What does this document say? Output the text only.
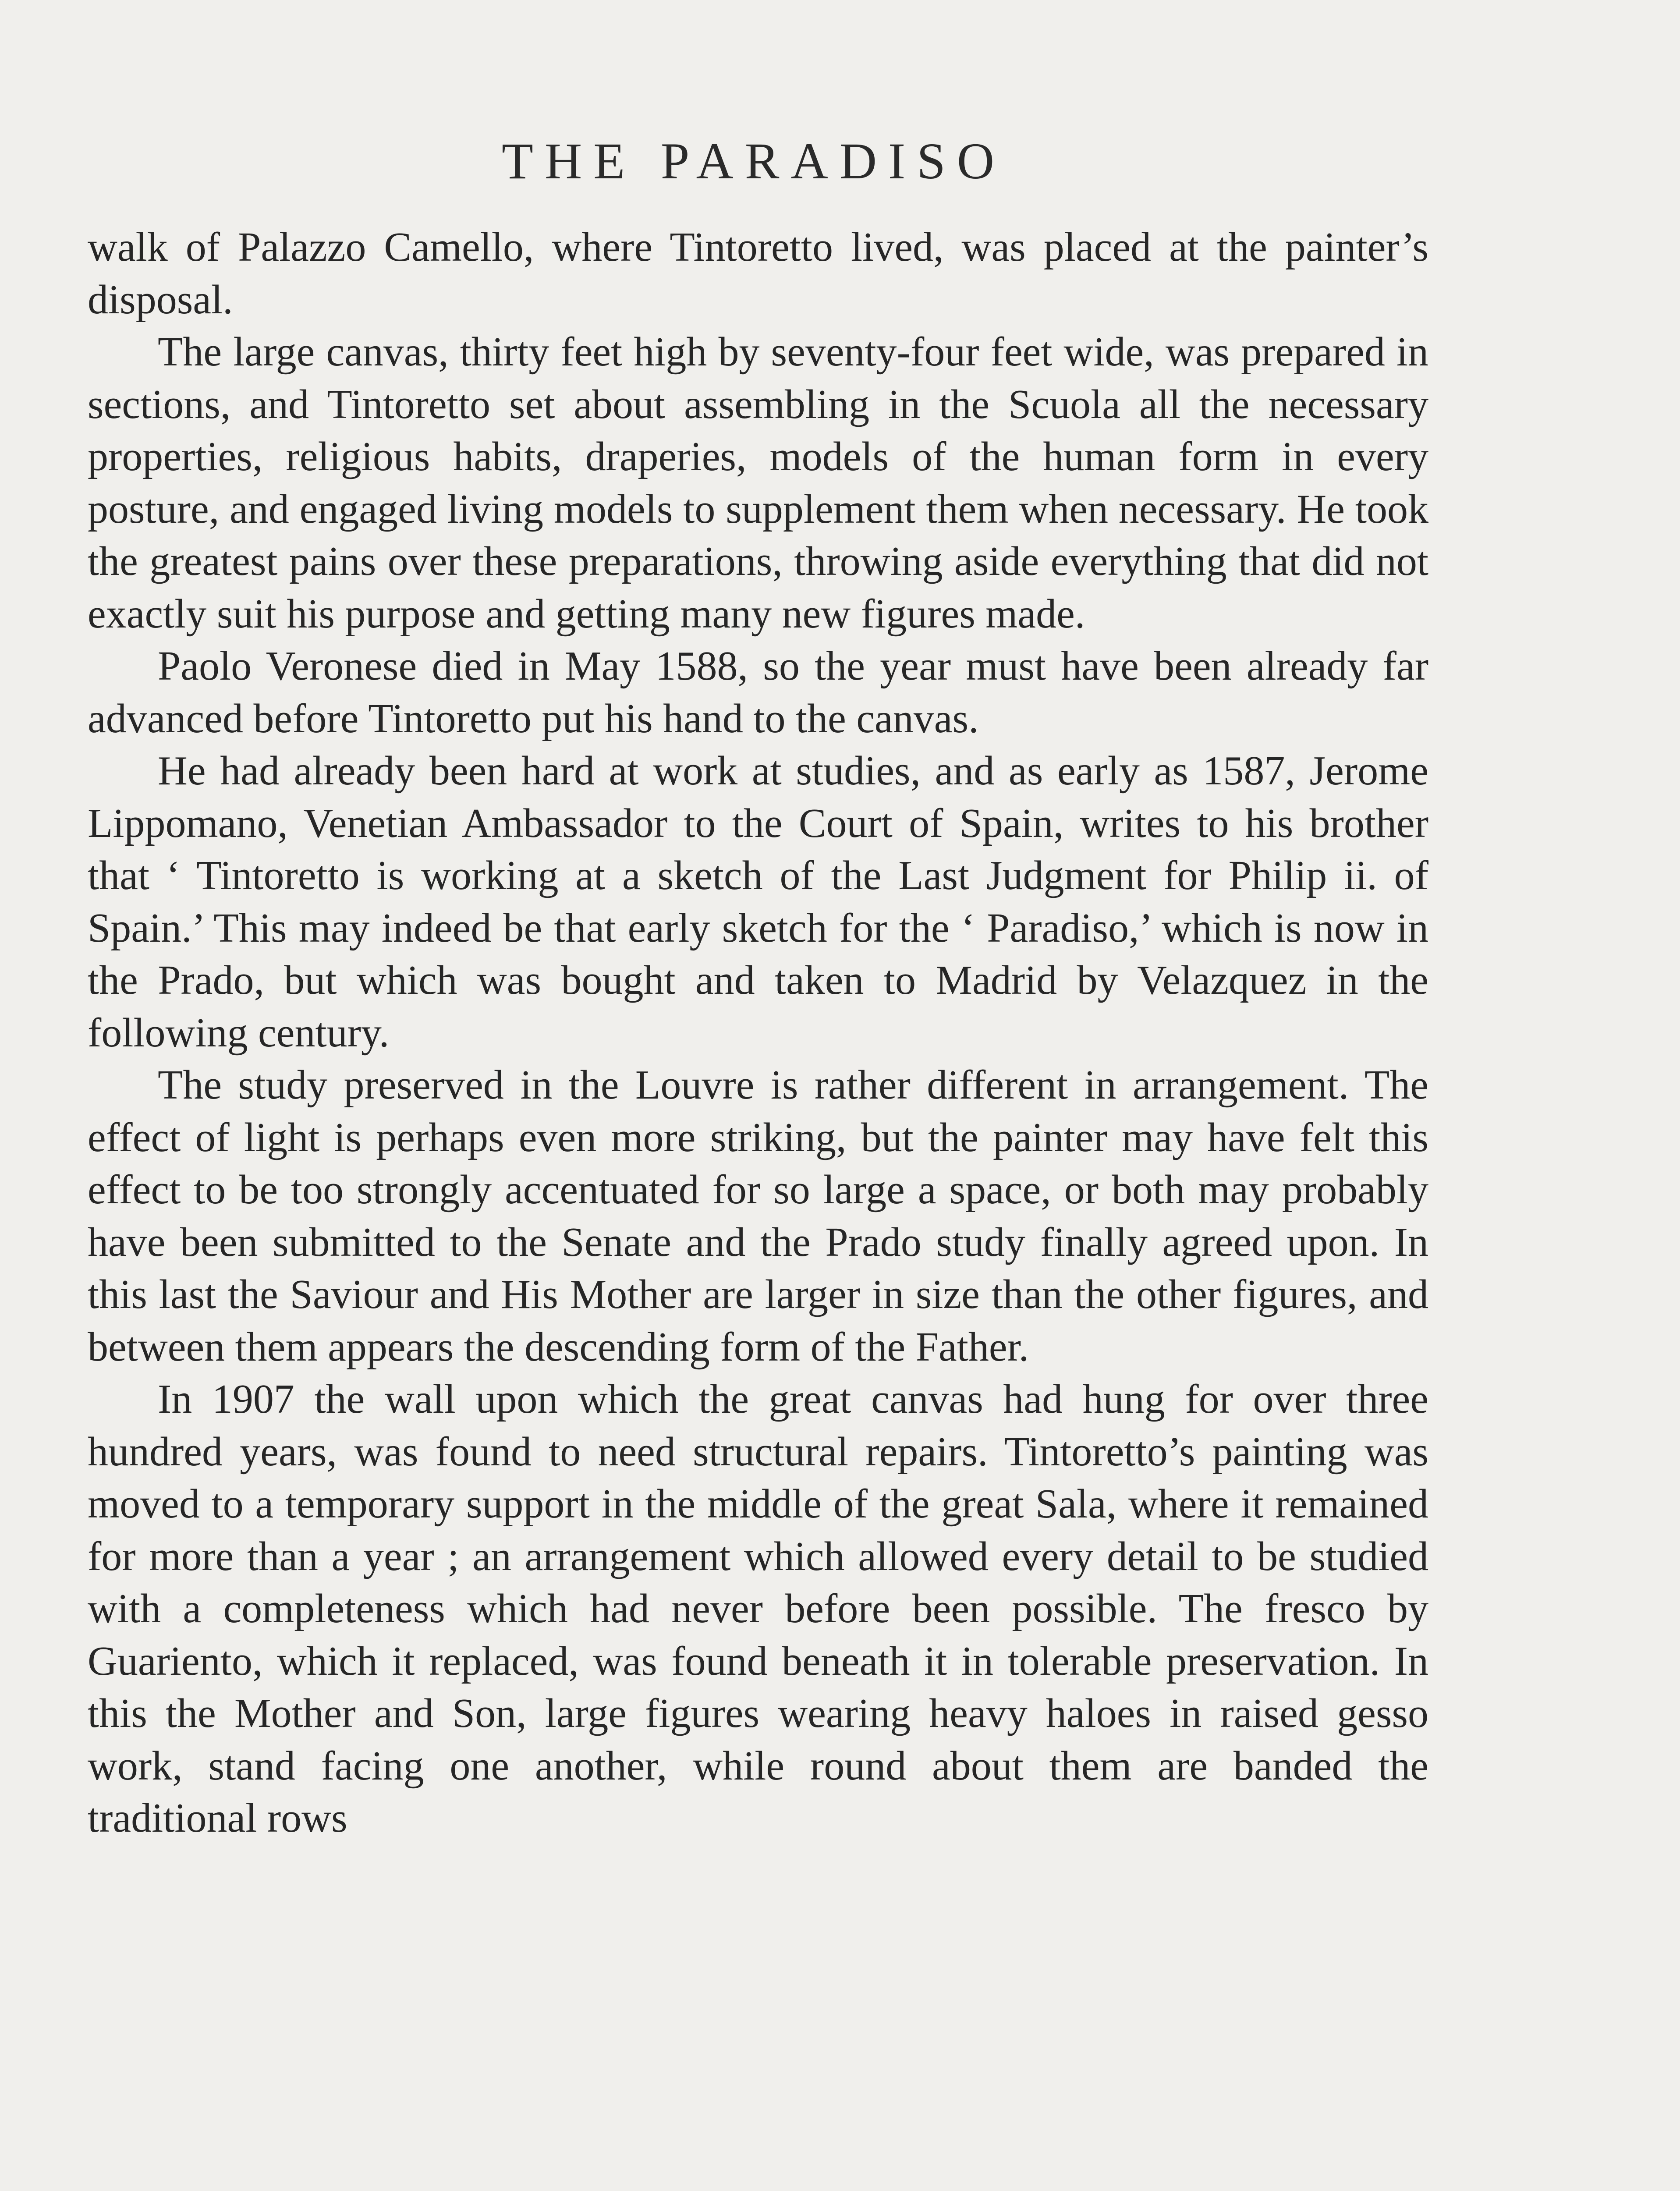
THE PARADISO

walk of Palazzo Camello, where Tintoretto lived, was placed at the painter’s disposal.

The large canvas, thirty feet high by seventy-four feet wide, was prepared in sections, and Tintoretto set about assembling in the Scuola all the necessary properties, religious habits, draperies, models of the human form in every posture, and engaged living models to supplement them when necessary. He took the greatest pains over these preparations, throwing aside everything that did not exactly suit his purpose and getting many new figures made.

Paolo Veronese died in May 1588, so the year must have been already far advanced before Tintoretto put his hand to the canvas.

He had already been hard at work at studies, and as early as 1587, Jerome Lippomano, Venetian Ambassador to the Court of Spain, writes to his brother that ‘ Tintoretto is working at a sketch of the Last Judgment for Philip ii. of Spain.’ This may indeed be that early sketch for the ‘ Paradiso,’ which is now in the Prado, but which was bought and taken to Madrid by Velazquez in the following century.

The study preserved in the Louvre is rather different in arrangement. The effect of light is perhaps even more striking, but the painter may have felt this effect to be too strongly accentuated for so large a space, or both may probably have been submitted to the Senate and the Prado study finally agreed upon. In this last the Saviour and His Mother are larger in size than the other figures, and between them appears the descending form of the Father.

In 1907 the wall upon which the great canvas had hung for over three hundred years, was found to need structural repairs. Tintoretto’s painting was moved to a temporary support in the middle of the great Sala, where it remained for more than a year ; an arrangement which allowed every detail to be studied with a completeness which had never before been possible. The fresco by Guariento, which it replaced, was found beneath it in tolerable preservation. In this the Mother and Son, large figures wearing heavy haloes in raised gesso work, stand facing one another, while round about them are banded the traditional rows
